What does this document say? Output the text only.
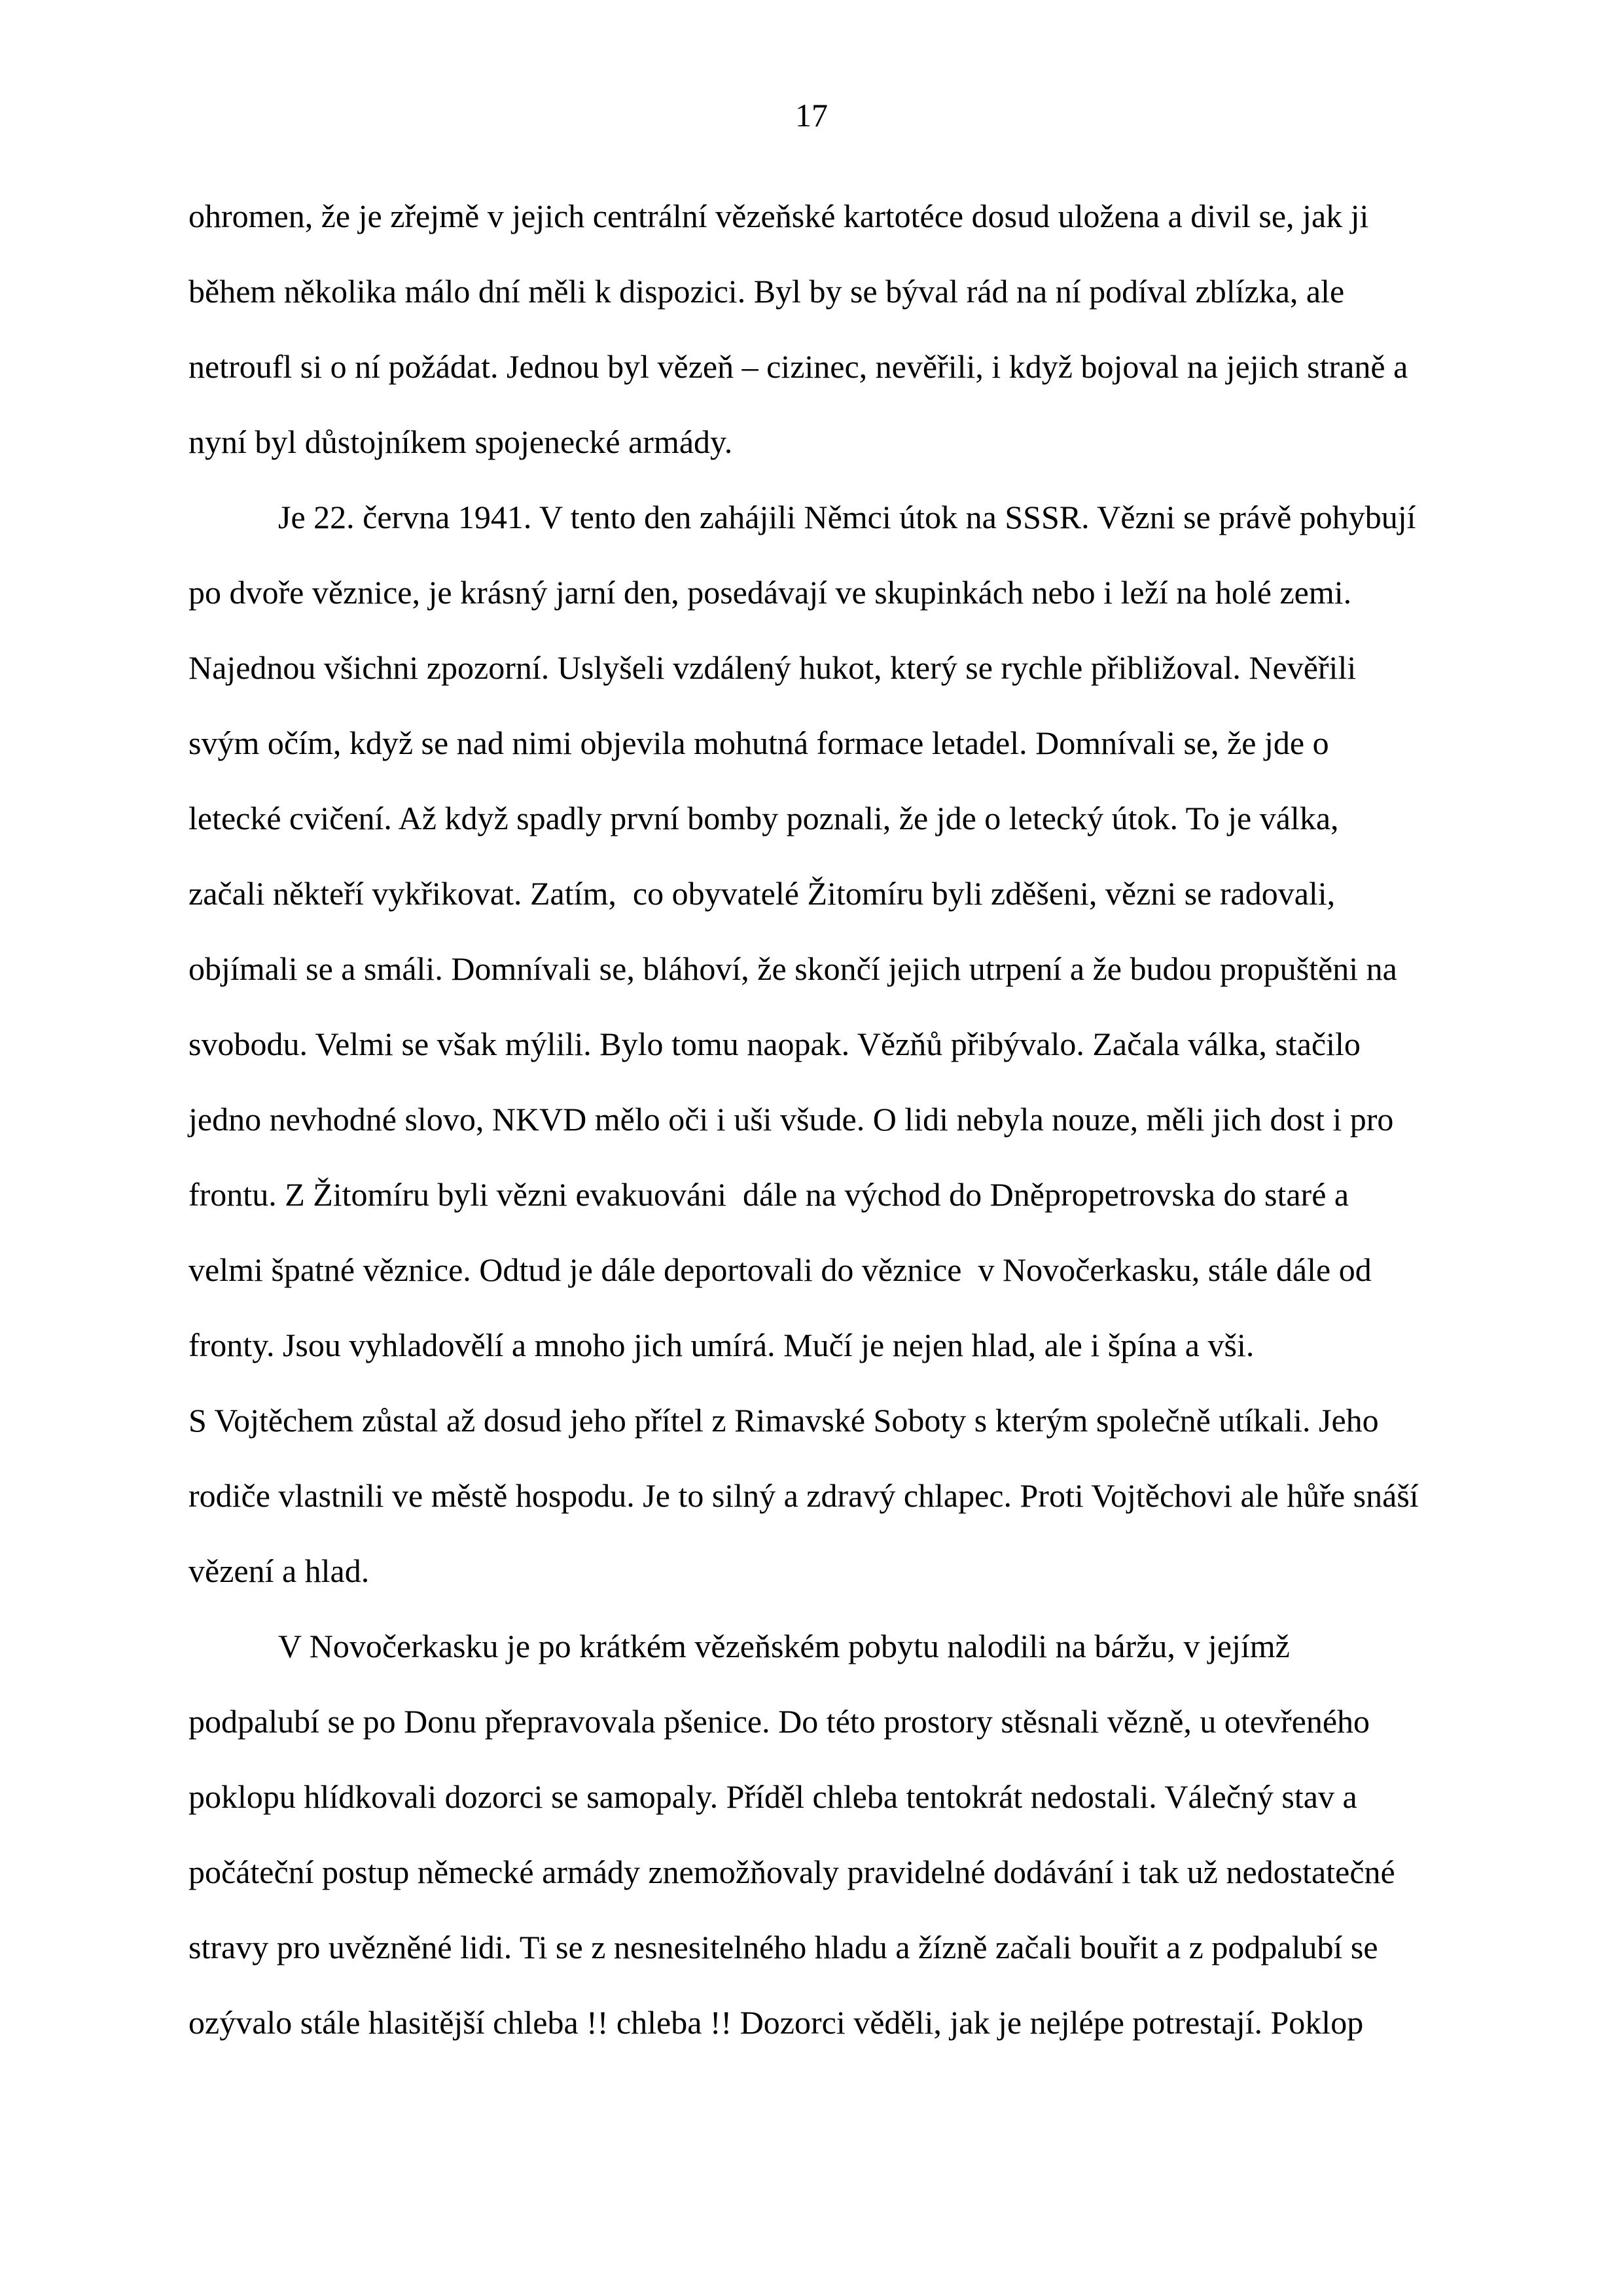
17
ohromen, že je zřejmě v jejich centrální vězeňské kartotéce dosud uložena a divil se, jak ji
během několika málo dní měli k dispozici. Byl by se býval rád na ní podíval zblízka, ale
netroufl si o ní požádat. Jednou byl vězeň – cizinec, nevěřili, i když bojoval na jejich straně a
nyní byl důstojníkem spojenecké armády.
Je 22. června 1941. V tento den zahájili Němci útok na SSSR. Vězni se právě pohybují
po dvoře věznice, je krásný jarní den, posedávají ve skupinkách nebo i leží na holé zemi.
Najednou všichni zpozorní. Uslyšeli vzdálený hukot, který se rychle přibližoval. Nevěřili
svým očím, když se nad nimi objevila mohutná formace letadel. Domnívali se, že jde o
letecké cvičení. Až když spadly první bomby poznali, že jde o letecký útok. To je válka,
začali někteří vykřikovat. Zatím,  co obyvatelé Žitomíru byli zděšeni, vězni se radovali,
objímali se a smáli. Domnívali se, bláhoví, že skončí jejich utrpení a že budou propuštěni na
svobodu. Velmi se však mýlili. Bylo tomu naopak. Vězňů přibývalo. Začala válka, stačilo
jedno nevhodné slovo, NKVD mělo oči i uši všude. O lidi nebyla nouze, měli jich dost i pro
frontu. Z Žitomíru byli vězni evakuováni  dále na východ do Dněpropetrovska do staré a
velmi špatné věznice. Odtud je dále deportovali do věznice  v Novočerkasku, stále dále od
fronty. Jsou vyhladovělí a mnoho jich umírá. Mučí je nejen hlad, ale i špína a vši.
S Vojtěchem zůstal až dosud jeho přítel z Rimavské Soboty s kterým společně utíkali. Jeho
rodiče vlastnili ve městě hospodu. Je to silný a zdravý chlapec. Proti Vojtěchovi ale hůře snáší
vězení a hlad.
V Novočerkasku je po krátkém vězeňském pobytu nalodili na báržu, v jejímž
podpalubí se po Donu přepravovala pšenice. Do této prostory stěsnali vězně, u otevřeného
poklopu hlídkovali dozorci se samopaly. Příděl chleba tentokrát nedostali. Válečný stav a
počáteční postup německé armády znemožňovaly pravidelné dodávání i tak už nedostatečné
stravy pro uvězněné lidi. Ti se z nesnesitelného hladu a žízně začali bouřit a z podpalubí se
ozývalo stále hlasitější chleba !! chleba !! Dozorci věděli, jak je nejlépe potrestají. Poklop
